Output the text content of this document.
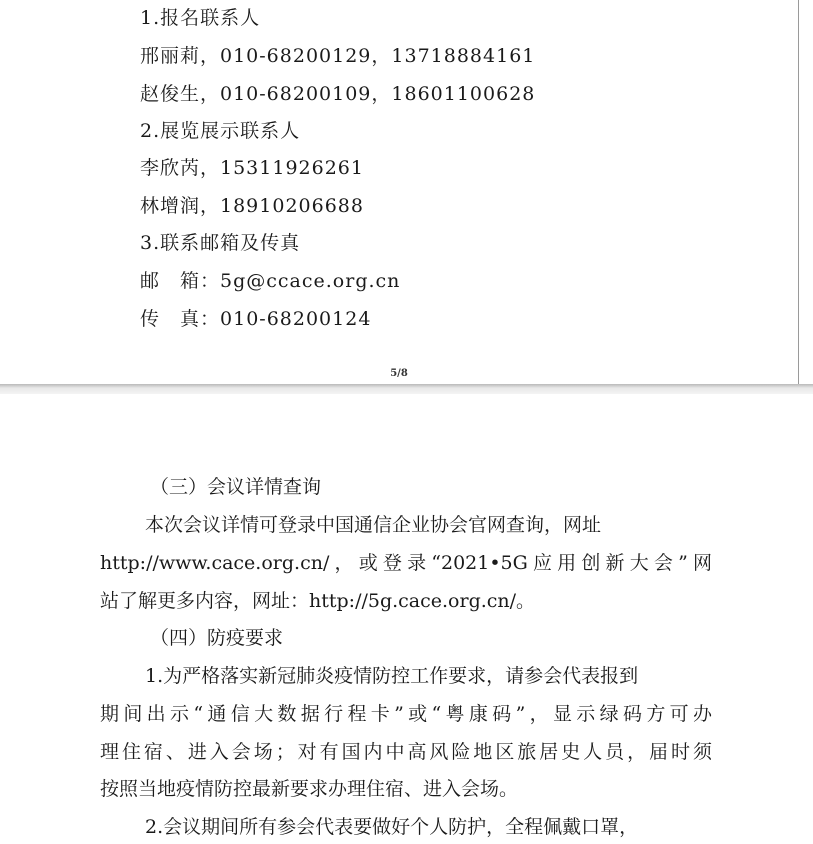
1.报名联系人
邢丽莉，010-68200129，13718884161
赵俊生，010-68200109，18601100628
2.展览展示联系人
李欣芮，15311926261
林增润，18910206688
3.联系邮箱及传真
邮　箱：5g@ccace.org.cn
传　真：010-68200124
5/8
（三）会议详情查询
本次会议详情可登录中国通信企业协会官网查询，网址
http://www.cace.org.cn/，或登录“2021•5G应用创新大会”网
站了解更多内容，网址：http://5g.cace.org.cn/。
（四）防疫要求
1.为严格落实新冠肺炎疫情防控工作要求，请参会代表报到
期间出示“通信大数据行程卡”或“粤康码”，显示绿码方可办
理住宿、进入会场；对有国内中高风险地区旅居史人员，届时须
按照当地疫情防控最新要求办理住宿、进入会场。
2.会议期间所有参会代表要做好个人防护，全程佩戴口罩，
